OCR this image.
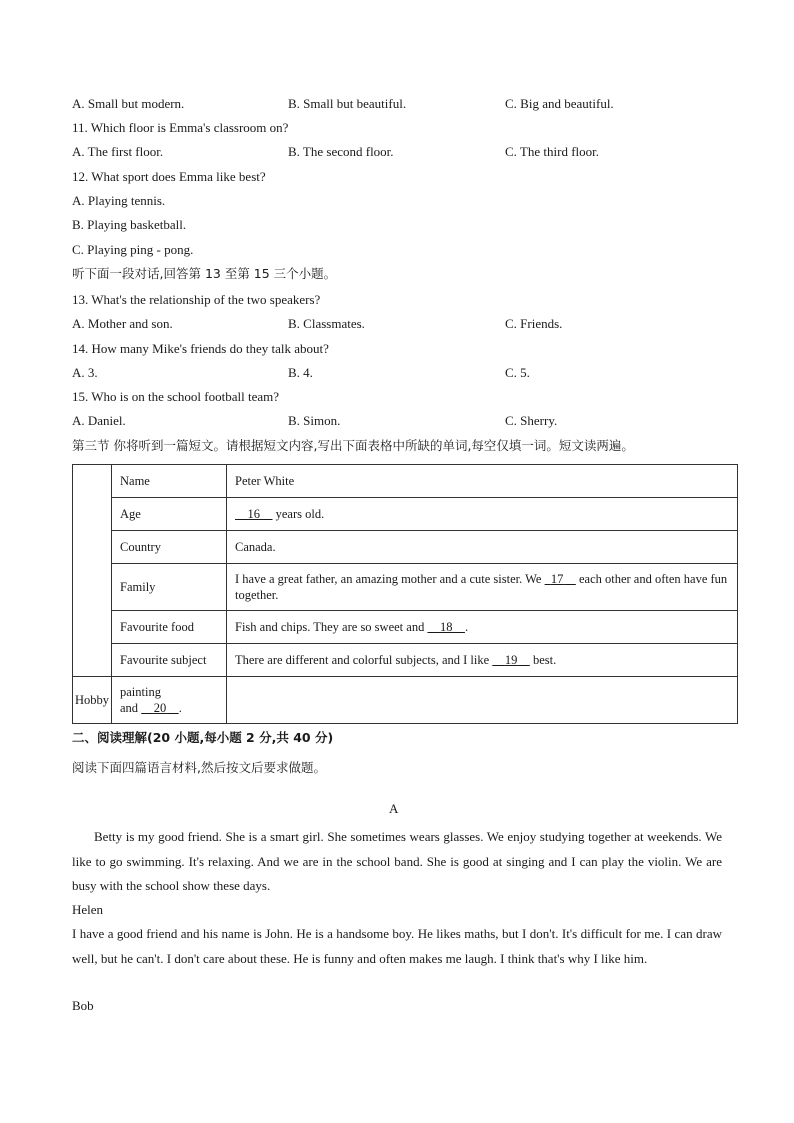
A. Small but modern.	B. Small but beautiful.	C. Big and beautiful.
11. Which floor is Emma's classroom on?
A. The first floor.	B. The second floor.	C. The third floor.
12. What sport does Emma like best?
A. Playing tennis.
B. Playing basketball.
C. Playing ping - pong.
听下面一段对话,回答第 13 至第 15 三个小题。
13. What's the relationship of the two speakers?
A. Mother and son.	B. Classmates.	C. Friends.
14. How many Mike's friends do they talk about?
A. 3.	B. 4.	C. 5.
15. Who is on the school football team?
A. Daniel.	B. Simon.	C. Sherry.
第三节 你将听到一篇短文。请根据短文内容,写出下面表格中所缺的单词,每空仅填一词。短文读两遍。
	Name	Peter White
	Age	  16   years old.
	Country	Canada.
	Family	I have a great father, an amazing mother and a cute sister. We  17   each other and often have fun together.
	Favourite food	Fish and chips. They are so sweet and   18   .
	Favourite subject	There are different and colorful subjects, and I like   19   best.
Hobby	painting
and   20   .	

二、阅读理解(20 小题,每小题 2 分,共 40 分)
阅读下面四篇语言材料,然后按文后要求做题。
A
Betty is my good friend. She is a smart girl. She sometimes wears glasses. We enjoy studying together at weekends. We like to go swimming. It's relaxing. And we are in the school band. She is good at singing and I can play the violin. We are busy with the school show these days.
Helen
I have a good friend and his name is John. He is a handsome boy. He likes maths, but I don't. It's difficult for me. I can draw well, but he can't. I don't care about these. He is funny and often makes me laugh. I think that's why I like him.
Bob
